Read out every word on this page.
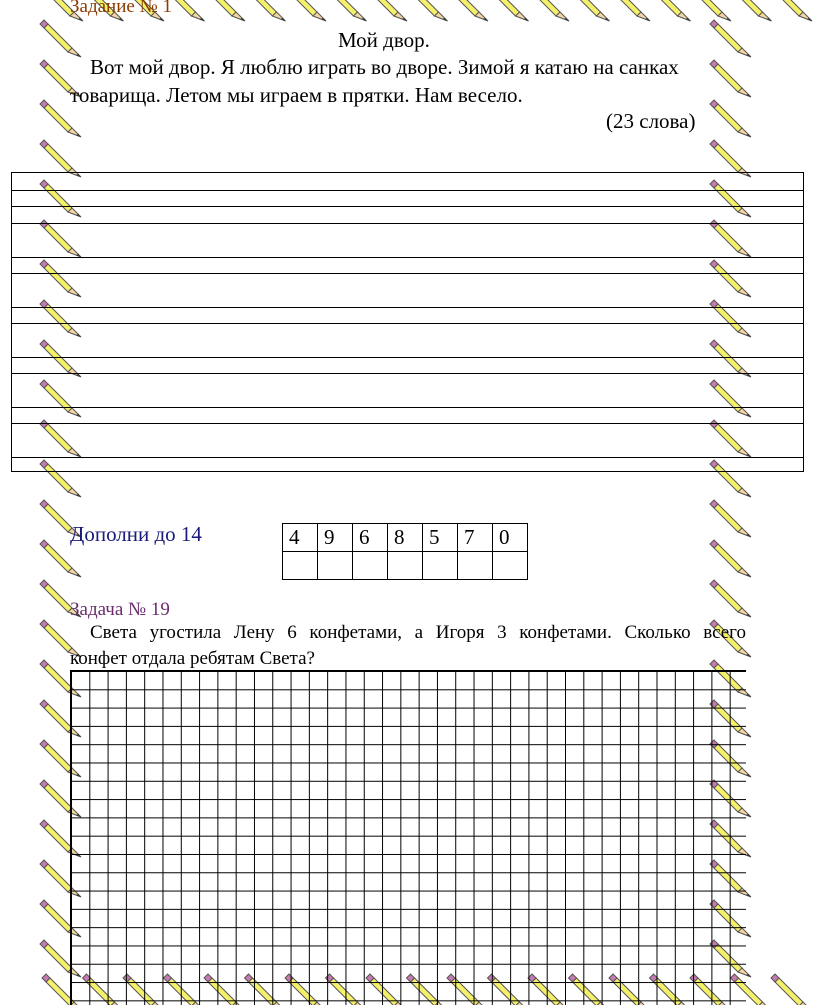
Задание № 1
Мой двор.
Вот мой двор. Я люблю играть во дворе. Зимой я катаю на санках
товарища. Летом мы играем в прятки. Нам весело.
(23 слова)
Дополни до 14	4	9	6	8	5	7	0

Задача № 19
Света угостила Лену 6 конфетами, а Игоря 3 конфетами. Сколько всего
конфет отдала ребятам Света?
